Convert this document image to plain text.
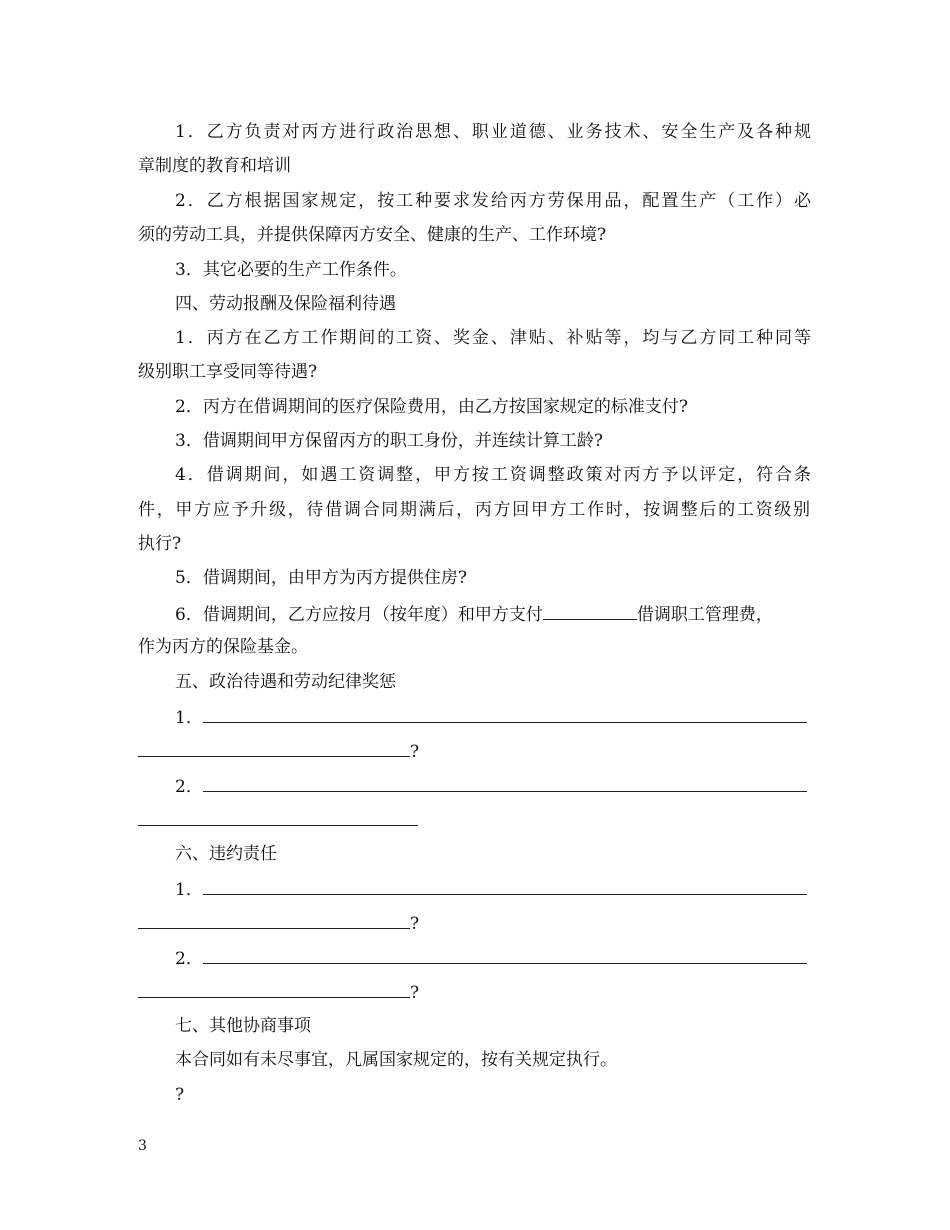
1．乙方负责对丙方进行政治思想、职业道德、业务技术、安全生产及各种规
章制度的教育和培训
2．乙方根据国家规定，按工种要求发给丙方劳保用品，配置生产（工作）必
须的劳动工具，并提供保障丙方安全、健康的生产、工作环境?
3．其它必要的生产工作条件。
四、劳动报酬及保险福利待遇
1．丙方在乙方工作期间的工资、奖金、津贴、补贴等，均与乙方同工种同等
级别职工享受同等待遇?
2．丙方在借调期间的医疗保险费用，由乙方按国家规定的标准支付?
3．借调期间甲方保留丙方的职工身份，并连续计算工龄?
4．借调期间，如遇工资调整，甲方按工资调整政策对丙方予以评定，符合条
件，甲方应予升级，待借调合同期满后，丙方回甲方工作时，按调整后的工资级别
执行?
5．借调期间，由甲方为丙方提供住房?
6．借调期间，乙方应按月（按年度）和甲方支付	借调职工管理费，
作为丙方的保险基金。
五、政治待遇和劳动纪律奖惩
1．
?
2．
六、违约责任
1．
?
2．
?
七、其他协商事项
本合同如有未尽事宜，凡属国家规定的，按有关规定执行。
?
3
